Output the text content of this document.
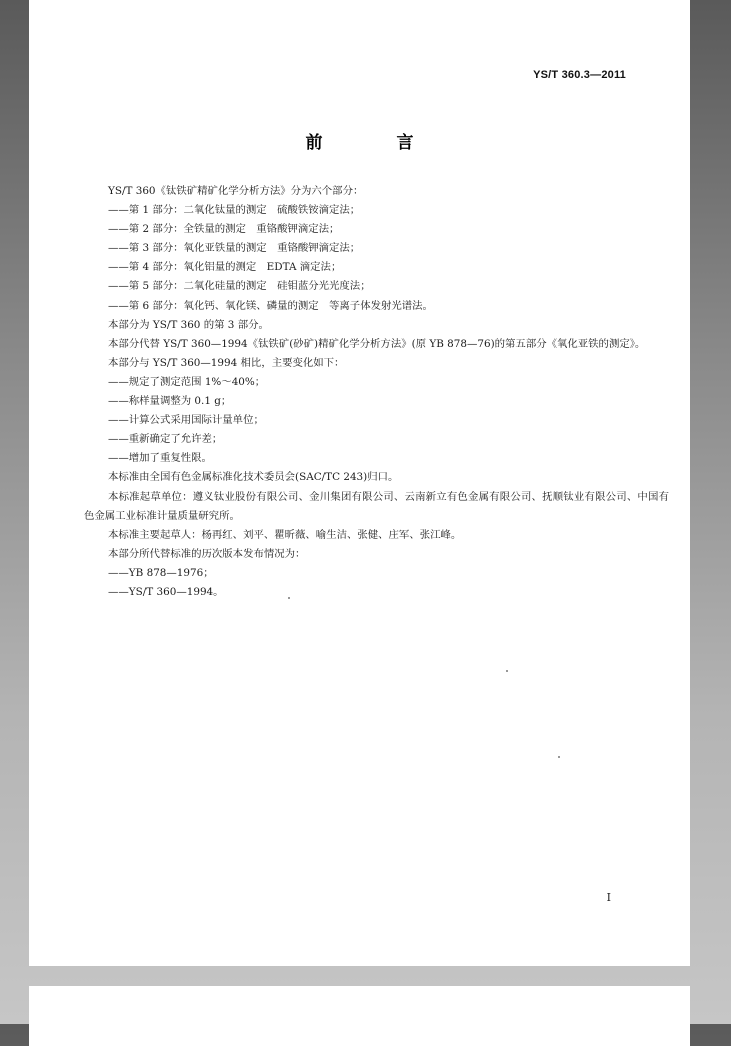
YS/T 360.3—2011
前 言
YS/T 360《钛铁矿精矿化学分析方法》分为六个部分：
——第 1 部分：二氧化钛量的测定　硫酸铁铵滴定法；
——第 2 部分：全铁量的测定　重铬酸钾滴定法；
——第 3 部分：氧化亚铁量的测定　重铬酸钾滴定法；
——第 4 部分：氧化铝量的测定　EDTA 滴定法；
——第 5 部分：二氧化硅量的测定　硅钼蓝分光光度法；
——第 6 部分：氧化钙、氧化镁、磷量的测定　等离子体发射光谱法。
本部分为 YS/T 360 的第 3 部分。
本部分代替 YS/T 360—1994《钛铁矿(砂矿)精矿化学分析方法》(原 YB 878—76)的第五部分《氧化亚铁的测定》。
本部分与 YS/T 360—1994 相比，主要变化如下：
——规定了测定范围 1%～40%；
——称样量调整为 0.1 g；
——计算公式采用国际计量单位；
——重新确定了允许差；
——增加了重复性限。
本标准由全国有色金属标准化技术委员会(SAC/TC 243)归口。
本标准起草单位：遵义钛业股份有限公司、金川集团有限公司、云南新立有色金属有限公司、抚顺钛业有限公司、中国有色金属工业标准计量质量研究所。
本标准主要起草人：杨再红、刘平、瞿昕薇、喻生洁、张健、庄军、张江峰。
本部分所代替标准的历次版本发布情况为：
——YB 878—1976；
——YS/T 360—1994。
I
